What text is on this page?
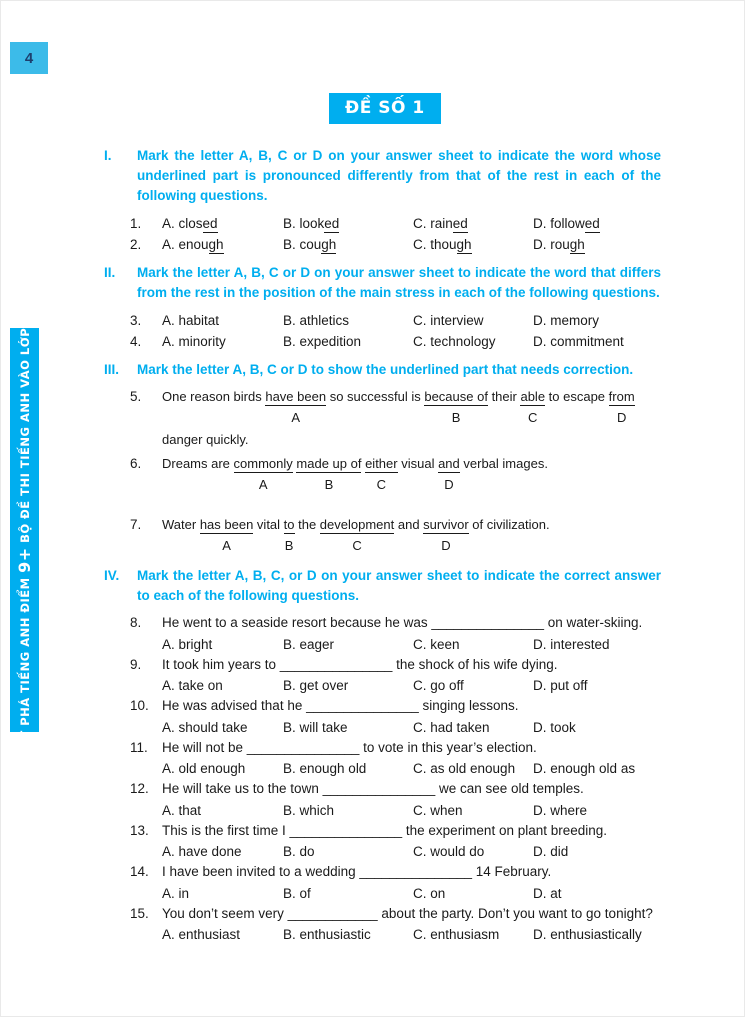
4
ĐỀ SỐ 1
ĐỘT PHÁ TIẾNG ANH ĐIỂM 9+ BỘ ĐỀ THI TIẾNG ANH VÀO LỚP 10
I.	Mark the letter A, B, C or D on your answer sheet to indicate the word whose underlined part is pronounced differently from that of the rest in each of the following questions.
1.	A. closed	B. looked	C. rained	D. followed
2.	A. enough	B. cough	C. though	D. rough
II.	Mark the letter A, B, C or D on your answer sheet to indicate the word that differs from the rest in the position of the main stress in each of the following questions.
3.	A. habitat	B. athletics	C. interview	D. memory
4.	A. minority	B. expedition	C. technology	D. commitment
III.	Mark the letter A, B, C or D to show the underlined part that needs correction.
5.	One reason birds have been
A
so successful is because of
B
their able
C
to escape from
D
danger quickly.
6.	Dreams are commonly
A
made up of
B
either
C
visual and
D
verbal images.
7.	Water has been
A
vital to
B
the development
C
and survivor
D
of civilization.
IV.	Mark the letter A, B, C, or D on your answer sheet to indicate the correct answer to each of the following questions.
8.	He went to a seaside resort because he was _______________ on water-skiing.
A. bright	B. eager	C. keen	D. interested
9.	It took him years to _______________ the shock of his wife dying.
A. take on	B. get over	C. go off	D. put off
10. He was advised that he _______________ singing lessons.
A. should take	B. will take	C. had taken	D. took
11.	He will not be _______________ to vote in this year’s election.
A. old enough	B. enough old	C. as old enough	D. enough old as
12. He will take us to the town _______________ we can see old temples.
A. that	B. which	C. when	D. where
13. This is the first time I _______________ the experiment on plant breeding.
A. have done	B. do	C. would do	D. did
14. I have been invited to a wedding _______________ 14 February.
A. in	B. of	C. on	D. at
15. You don’t seem very ____________ about the party. Don’t you want to go tonight?
A. enthusiast	B. enthusiastic	C. enthusiasm	D. enthusiastically
